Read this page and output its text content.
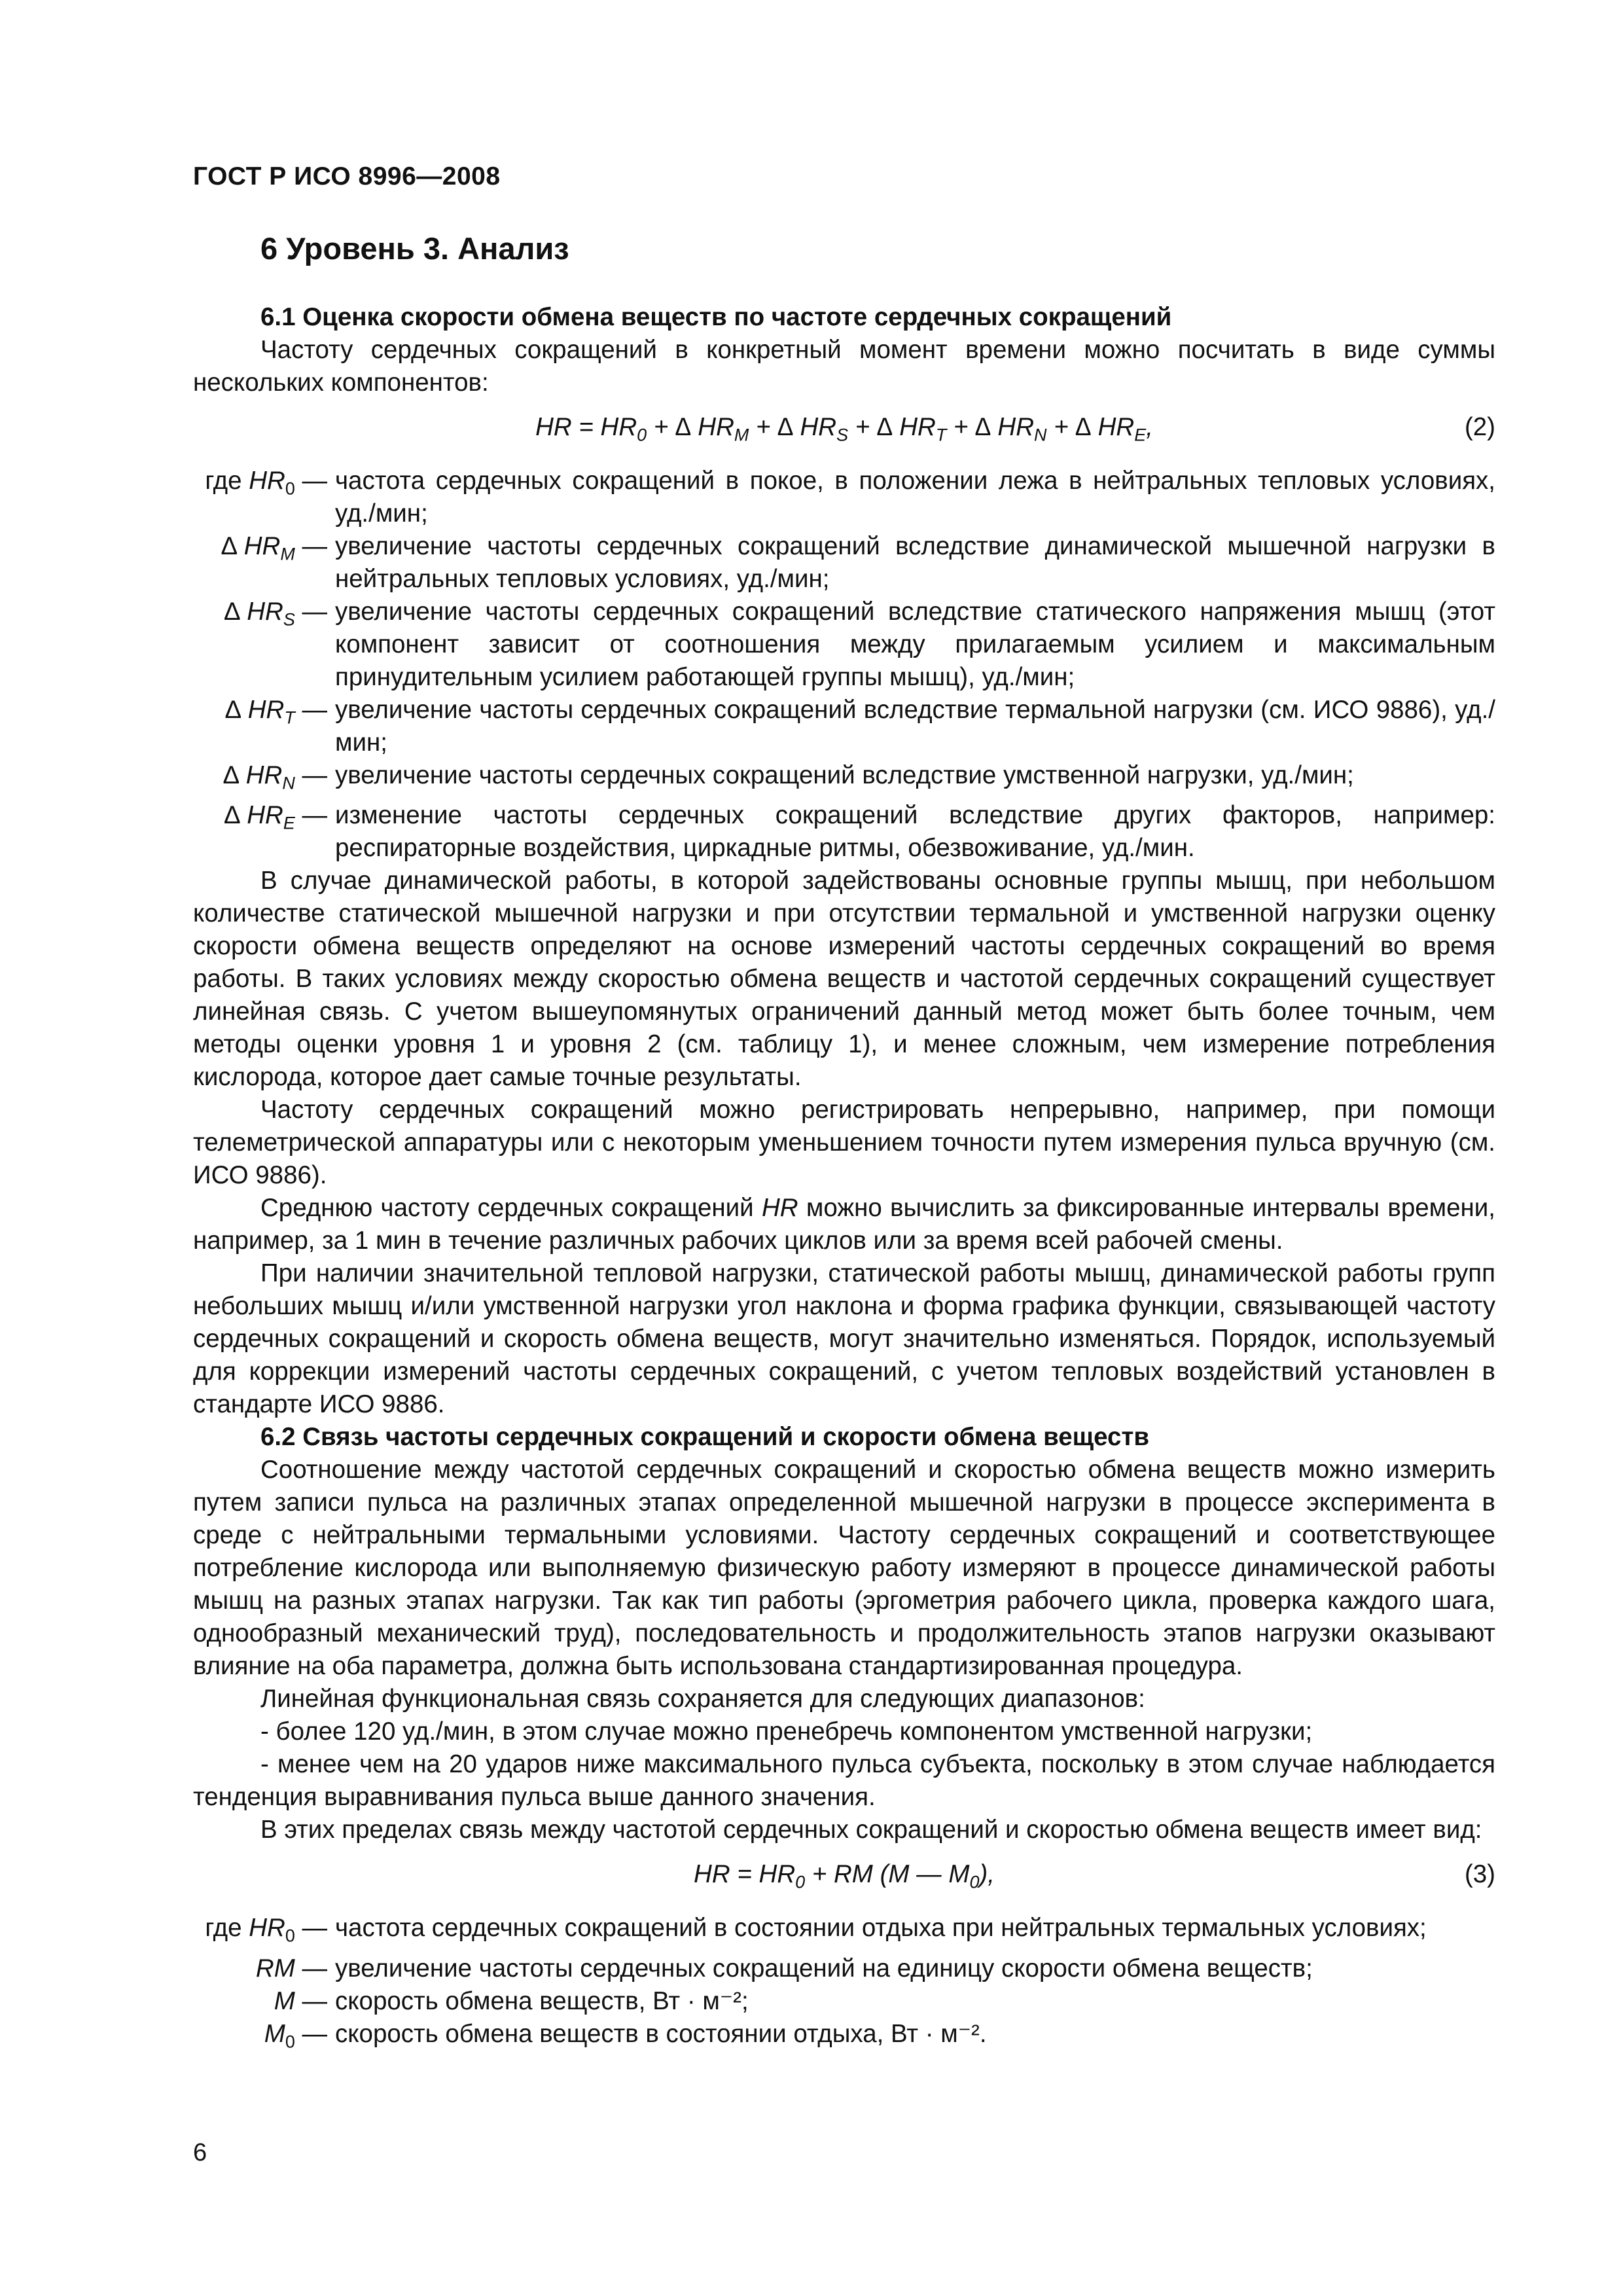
ГОСТ Р ИСО 8996—2008
6 Уровень 3. Анализ

6.1 Оценка скорости обмена веществ по частоте сердечных сокращений

Частоту сердечных сокращений в конкретный момент времени можно посчитать в виде суммы нескольких компонентов:

HR = $HR_0$ + ∆ $HR_M$ + ∆ $HR_S$ + ∆ $HR_T$ + ∆ $HR_N$ + ∆ $HR_E$,	(2)
где $HR_0$ — частота сердечных сокращений в покое, в положении лежа в нейтральных тепловых условиях, уд./мин;
∆ $HR_M$ — увеличение частоты сердечных сокращений вследствие динамической мышечной нагрузки в нейтральных тепловых условиях, уд./мин;
∆ $HR_S$ — увеличение частоты сердечных сокращений вследствие статического напряжения мышц (этот компонент зависит от соотношения между прилагаемым усилием и максимальным принудительным усилием работающей группы мышц), уд./мин;
∆ $HR_T$ — увеличение частоты сердечных сокращений вследствие термальной нагрузки (см. ИСО 9886), уд./мин;
∆ $HR_N$ — увеличение частоты сердечных сокращений вследствие умственной нагрузки, уд./мин;
∆ $HR_E$ — изменение частоты сердечных сокращений вследствие других факторов, например: респираторные воздействия, циркадные ритмы, обезвоживание, уд./мин.

В случае динамической работы, в которой задействованы основные группы мышц, при небольшом количестве статической мышечной нагрузки и при отсутствии термальной и умственной нагрузки оценку скорости обмена веществ определяют на основе измерений частоты сердечных сокращений во время работы. В таких условиях между скоростью обмена веществ и частотой сердечных сокращений существует линейная связь. С учетом вышеупомянутых ограничений данный метод может быть более точным, чем методы оценки уровня 1 и уровня 2 (см. таблицу 1), и менее сложным, чем измерение потребления кислорода, которое дает самые точные результаты.

Частоту сердечных сокращений можно регистрировать непрерывно, например, при помощи телеметрической аппаратуры или с некоторым уменьшением точности путем измерения пульса вручную (см. ИСО 9886).

Среднюю частоту сердечных сокращений HR можно вычислить за фиксированные интервалы времени, например, за 1 мин в течение различных рабочих циклов или за время всей рабочей смены.

При наличии значительной тепловой нагрузки, статической работы мышц, динамической работы групп небольших мышц и/или умственной нагрузки угол наклона и форма графика функции, связывающей частоту сердечных сокращений и скорость обмена веществ, могут значительно изменяться. Порядок, используемый для коррекции измерений частоты сердечных сокращений, с учетом тепловых воздействий установлен в стандарте ИСО 9886.

6.2 Связь частоты сердечных сокращений и скорости обмена веществ

Соотношение между частотой сердечных сокращений и скоростью обмена веществ можно измерить путем записи пульса на различных этапах определенной мышечной нагрузки в процессе эксперимента в среде с нейтральными термальными условиями. Частоту сердечных сокращений и соответствующее потребление кислорода или выполняемую физическую работу измеряют в процессе динамической работы мышц на разных этапах нагрузки. Так как тип работы (эргометрия рабочего цикла, проверка каждого шага, однообразный механический труд), последовательность и продолжительность этапов нагрузки оказывают влияние на оба параметра, должна быть использована стандартизированная процедура.

Линейная функциональная связь сохраняется для следующих диапазонов:

- более 120 уд./мин, в этом случае можно пренебречь компонентом умственной нагрузки;

- менее чем на 20 ударов ниже максимального пульса субъекта, поскольку в этом случае наблюдается тенденция выравнивания пульса выше данного значения.

В этих пределах связь между частотой сердечных сокращений и скоростью обмена веществ имеет вид:

HR = $HR_0$ + RM (M — $M_0$),	(3)
где $HR_0$ — частота сердечных сокращений в состоянии отдыха при нейтральных термальных условиях;
RM — увеличение частоты сердечных сокращений на единицу скорости обмена веществ;
M — скорость обмена веществ, Вт · м⁻²;
$M_0$ — скорость обмена веществ в состоянии отдыха, Вт · м⁻².
6
